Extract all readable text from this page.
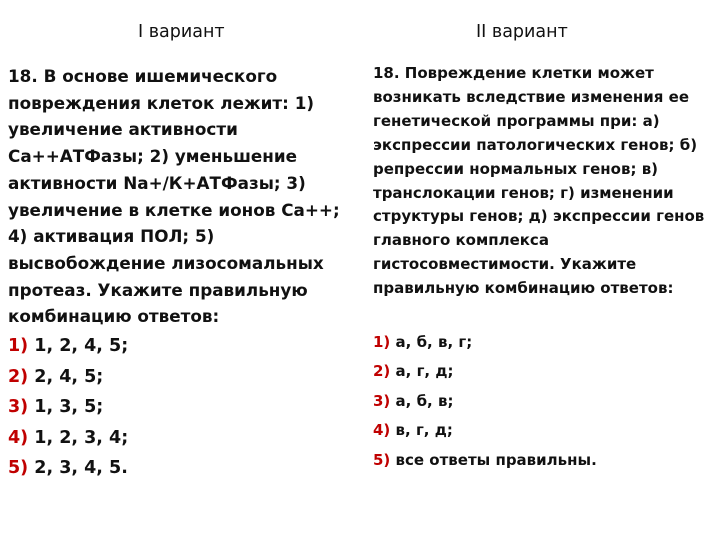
I вариант

18. В основе ишемического повреждения клеток лежит: 1) увеличение активности Са++АТФазы; 2) уменьшение активности Na+/К+АТФазы; 3) увеличение в клетке ионов Са++; 4) активация ПОЛ; 5) высвобождение лизосомальных протеаз. Укажите правильную комбинацию ответов:

1) 1, 2, 4, 5;
2) 2, 4, 5;
3) 1, 3, 5;
4) 1, 2, 3, 4;
5) 2, 3, 4, 5.
II вариант

18. Повреждение клетки может возникать вследствие изменения ее генетической программы при: а) экспрессии патологических генов; б) репрессии нормальных генов; в) транслокации генов; г) изменении структуры генов; д) экспрессии генов главного комплекса гистосовместимости. Укажите правильную комбинацию ответов:

1) а, б, в, г;
2) а, г, д;
3) а, б, в;
4) в, г, д;
5) все ответы правильны.
